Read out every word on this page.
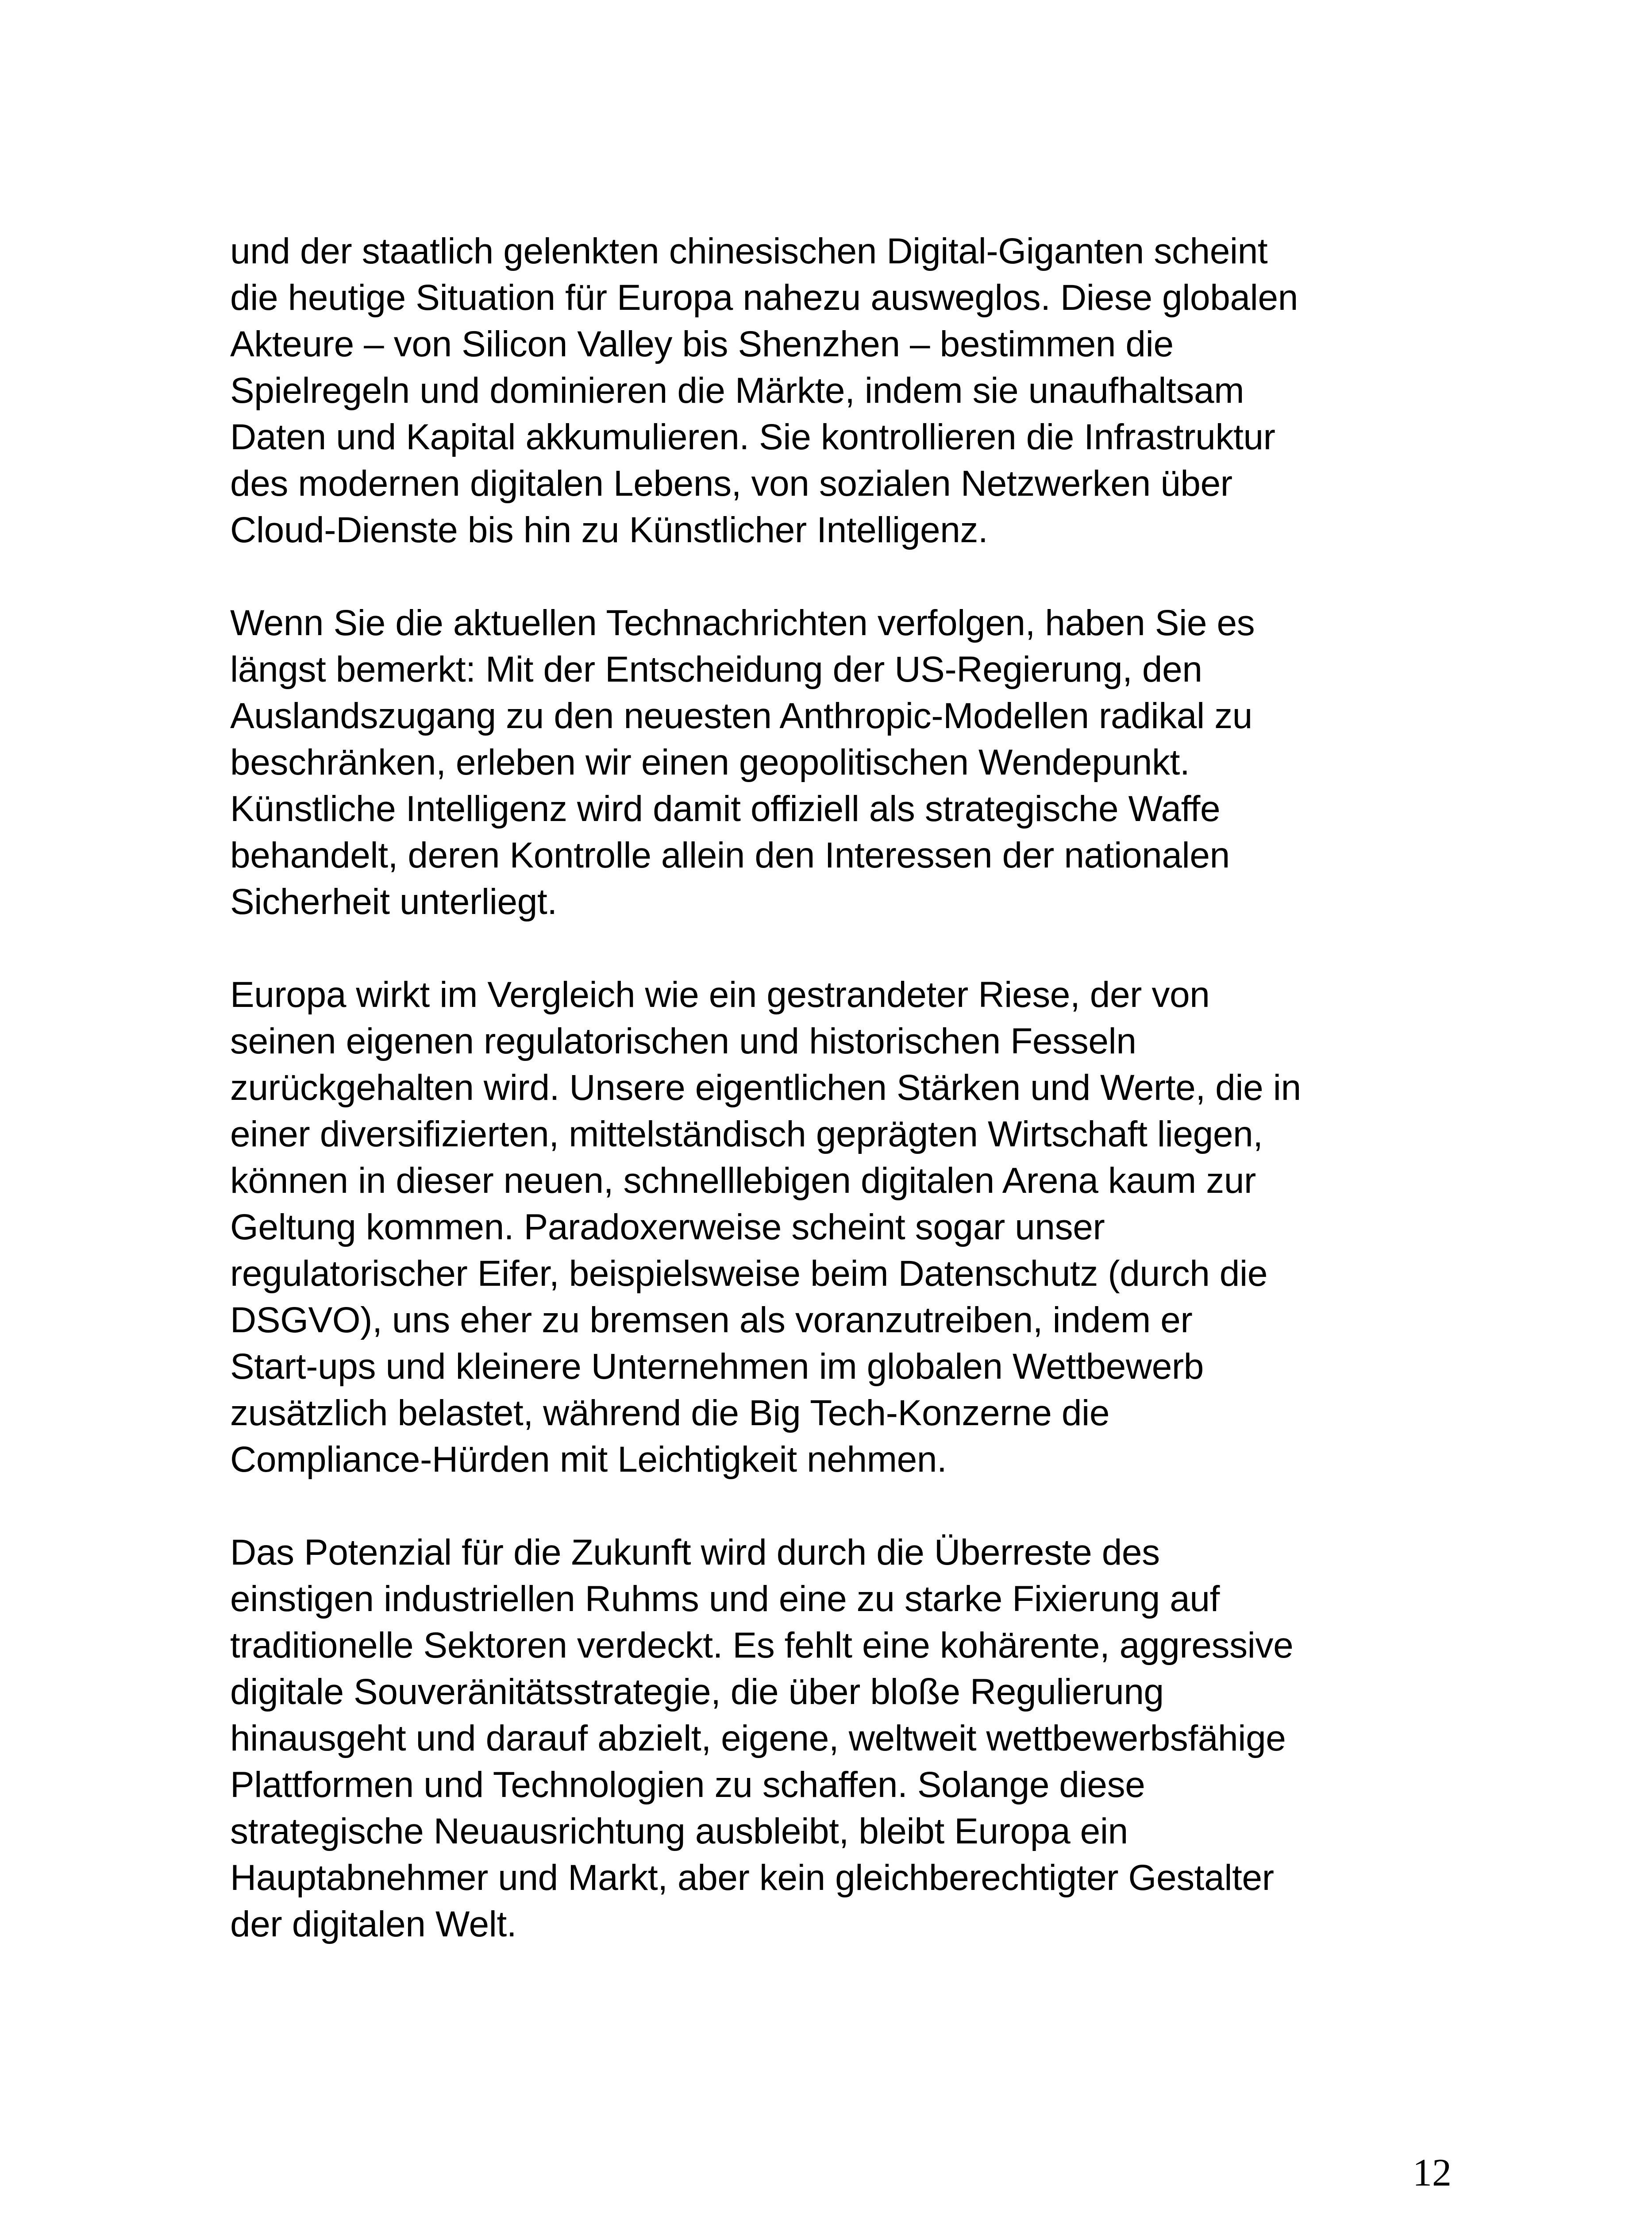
und der staatlich gelenkten chinesischen Digital-Giganten scheint
die heutige Situation für Europa nahezu ausweglos. Diese globalen
Akteure – von Silicon Valley bis Shenzhen – bestimmen die
Spielregeln und dominieren die Märkte, indem sie unaufhaltsam
Daten und Kapital akkumulieren. Sie kontrollieren die Infrastruktur
des modernen digitalen Lebens, von sozialen Netzwerken über
Cloud-Dienste bis hin zu Künstlicher Intelligenz.

Wenn Sie die aktuellen Technachrichten verfolgen, haben Sie es
längst bemerkt: Mit der Entscheidung der US-Regierung, den
Auslandszugang zu den neuesten Anthropic-Modellen radikal zu
beschränken, erleben wir einen geopolitischen Wendepunkt.
Künstliche Intelligenz wird damit offiziell als strategische Waffe
behandelt, deren Kontrolle allein den Interessen der nationalen
Sicherheit unterliegt.

Europa wirkt im Vergleich wie ein gestrandeter Riese, der von
seinen eigenen regulatorischen und historischen Fesseln
zurückgehalten wird. Unsere eigentlichen Stärken und Werte, die in
einer diversifizierten, mittelständisch geprägten Wirtschaft liegen,
können in dieser neuen, schnelllebigen digitalen Arena kaum zur
Geltung kommen. Paradoxerweise scheint sogar unser
regulatorischer Eifer, beispielsweise beim Datenschutz (durch die
DSGVO), uns eher zu bremsen als voranzutreiben, indem er
Start-ups und kleinere Unternehmen im globalen Wettbewerb
zusätzlich belastet, während die Big Tech-Konzerne die
Compliance-Hürden mit Leichtigkeit nehmen.

Das Potenzial für die Zukunft wird durch die Überreste des
einstigen industriellen Ruhms und eine zu starke Fixierung auf
traditionelle Sektoren verdeckt. Es fehlt eine kohärente, aggressive
digitale Souveränitätsstrategie, die über bloße Regulierung
hinausgeht und darauf abzielt, eigene, weltweit wettbewerbsfähige
Plattformen und Technologien zu schaffen. Solange diese
strategische Neuausrichtung ausbleibt, bleibt Europa ein
Hauptabnehmer und Markt, aber kein gleichberechtigter Gestalter
der digitalen Welt.

12
